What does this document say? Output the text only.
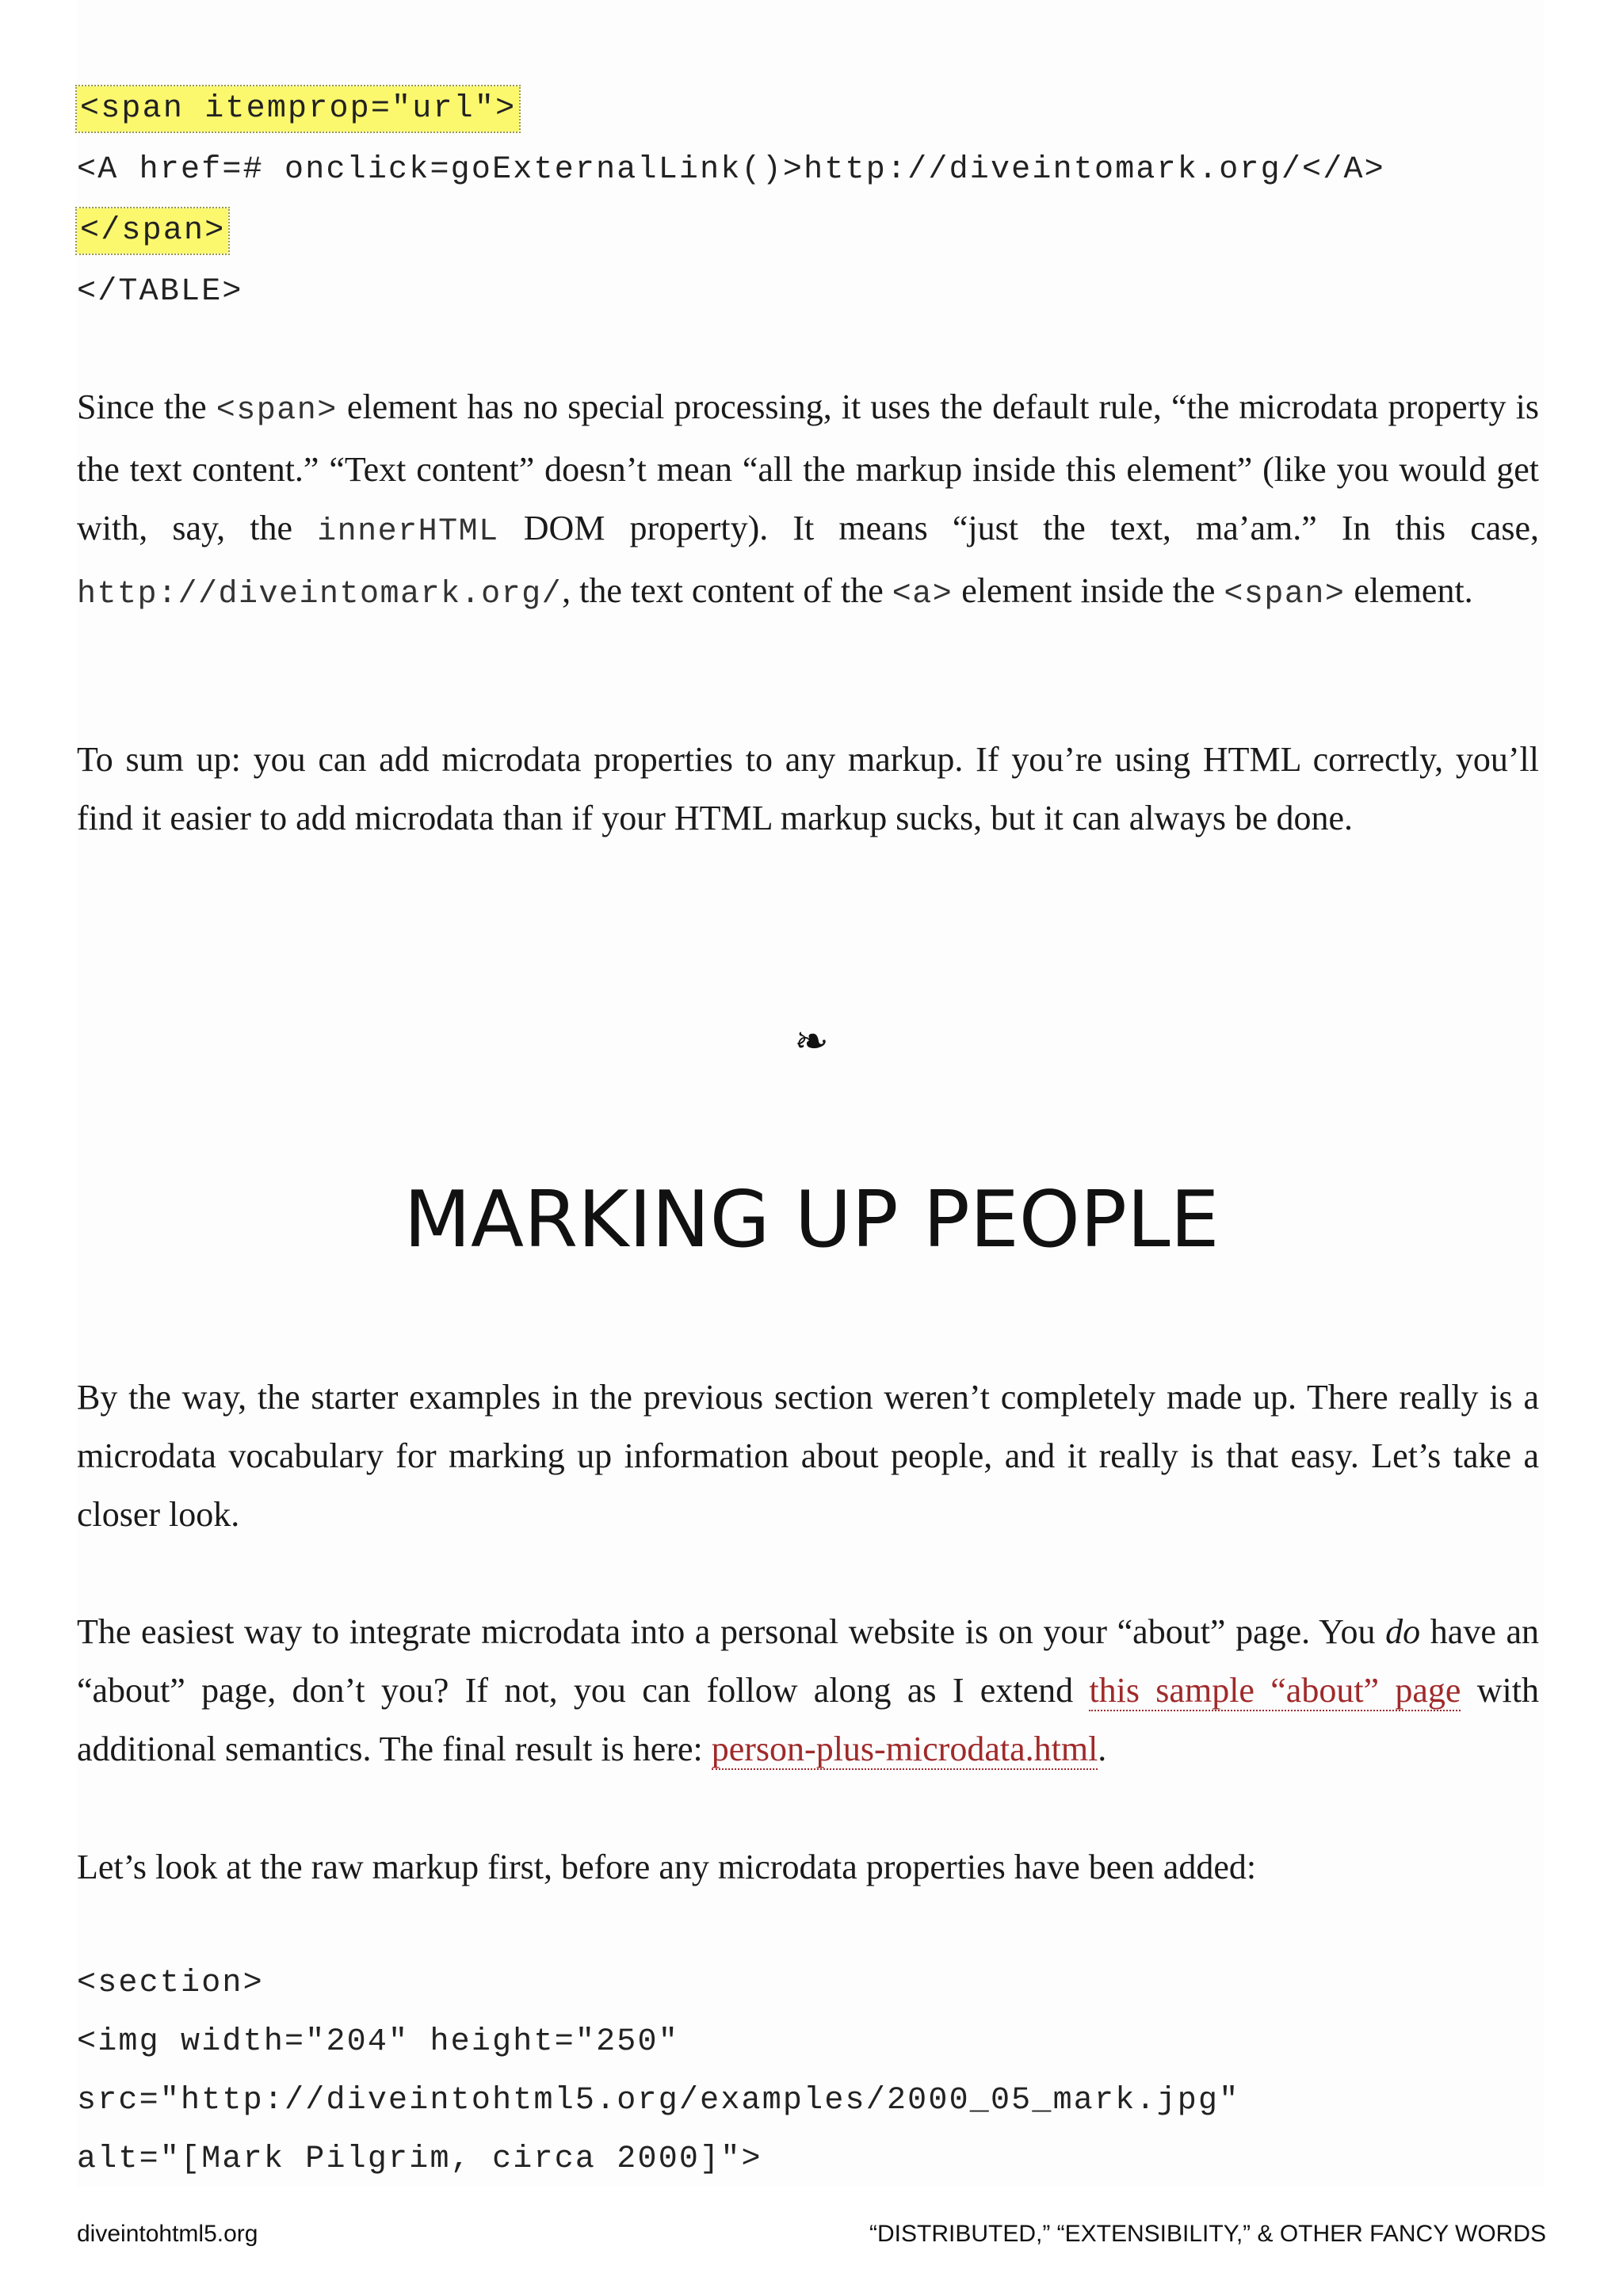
<span itemprop="url">
<A href=# onclick=goExternalLink()>http://diveintomark.org/</A>
</span>
</TABLE>

Since the <span> element has no special processing, it uses the default rule, “the microdata property is the text content.” “Text content” doesn’t mean “all the markup inside this element” (like you would get with, say, the innerHTML DOM property). It means “just the text, ma’am.” In this case, http://diveintomark.org/, the text content of the <a> element inside the <span> element.

To sum up: you can add microdata properties to any markup. If you’re using HTML correctly, you’ll find it easier to add microdata than if your HTML markup sucks, but it can always be done.

❧
MARKING UP PEOPLE

By the way, the starter examples in the previous section weren’t completely made up. There really is a microdata vocabulary for marking up information about people, and it really is that easy. Let’s take a closer look.

The easiest way to integrate microdata into a personal website is on your “about” page. You do have an “about” page, don’t you? If not, you can follow along as I extend this sample “about” page with additional semantics. The final result is here: person-plus-microdata.html.

Let’s look at the raw markup first, before any microdata properties have been added:

<section>
<img width="204" height="250"
src="http://diveintohtml5.org/examples/2000_05_mark.jpg"
alt="[Mark Pilgrim, circa 2000]">
diveintohtml5.org	“DISTRIBUTED,” “EXTENSIBILITY,” & OTHER FANCY WORDS
